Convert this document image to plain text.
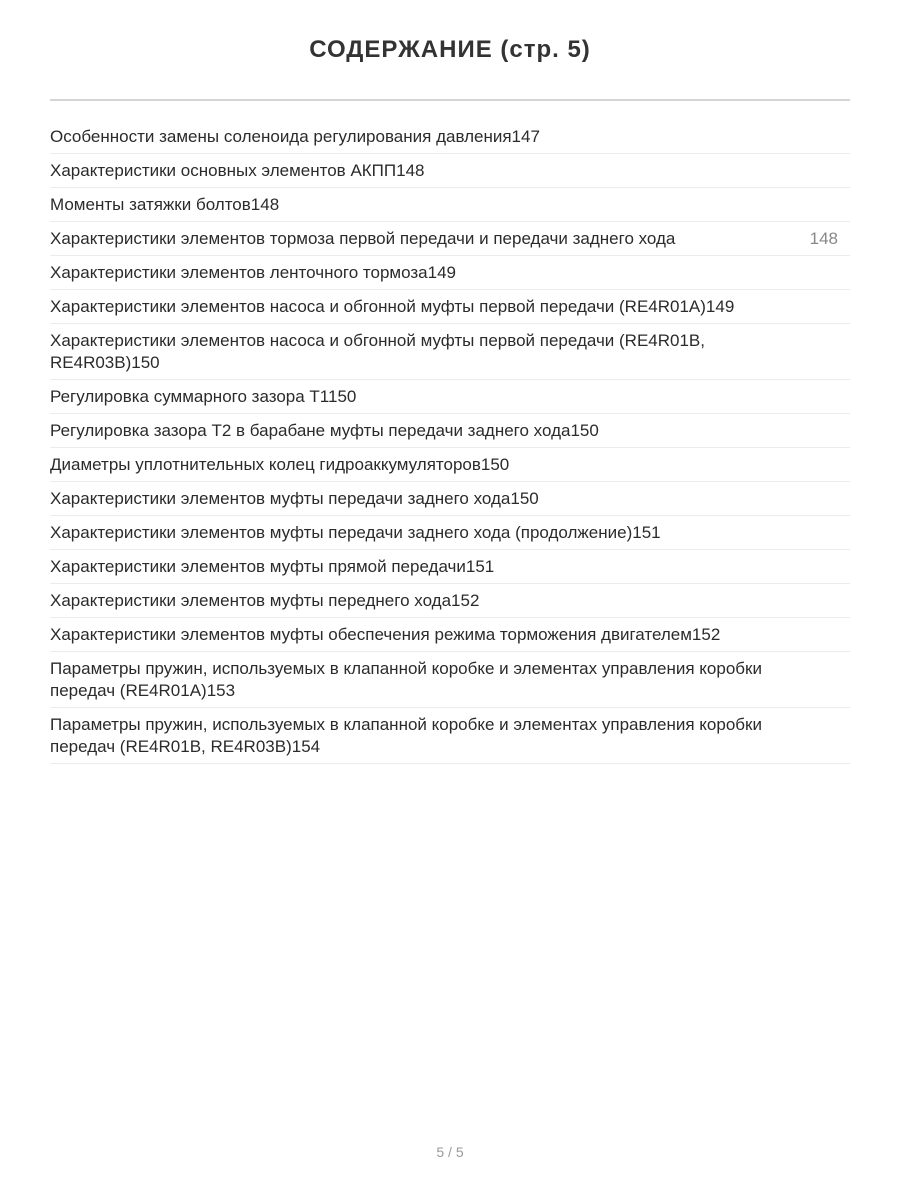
СОДЕРЖАНИЕ (стр. 5)
Особенности замены соленоида регулирования давления147
Характеристики основных элементов АКПП148
Моменты затяжки болтов148
Характеристики элементов тормоза первой передачи и передачи заднего хода	148
Характеристики элементов ленточного тормоза149
Характеристики элементов насоса и обгонной муфты первой передачи (RE4R01A)149
Характеристики элементов насоса и обгонной муфты первой передачи (RE4R01B, RE4R03B)150
Регулировка суммарного зазора Т1150
Регулировка зазора Т2 в барабане муфты передачи заднего хода150
Диаметры уплотнительных колец гидроаккумуляторов150
Характеристики элементов муфты передачи заднего хода150
Характеристики элементов муфты передачи заднего хода (продолжение)151
Характеристики элементов муфты прямой передачи151
Характеристики элементов муфты переднего хода152
Характеристики элементов муфты обеспечения режима торможения двигателем152
Параметры пружин, используемых в клапанной коробке и элементах управления коробки передач (RE4R01A)153
Параметры пружин, используемых в клапанной коробке и элементах управления коробки передач (RE4R01B, RE4R03B)154
5 / 5
